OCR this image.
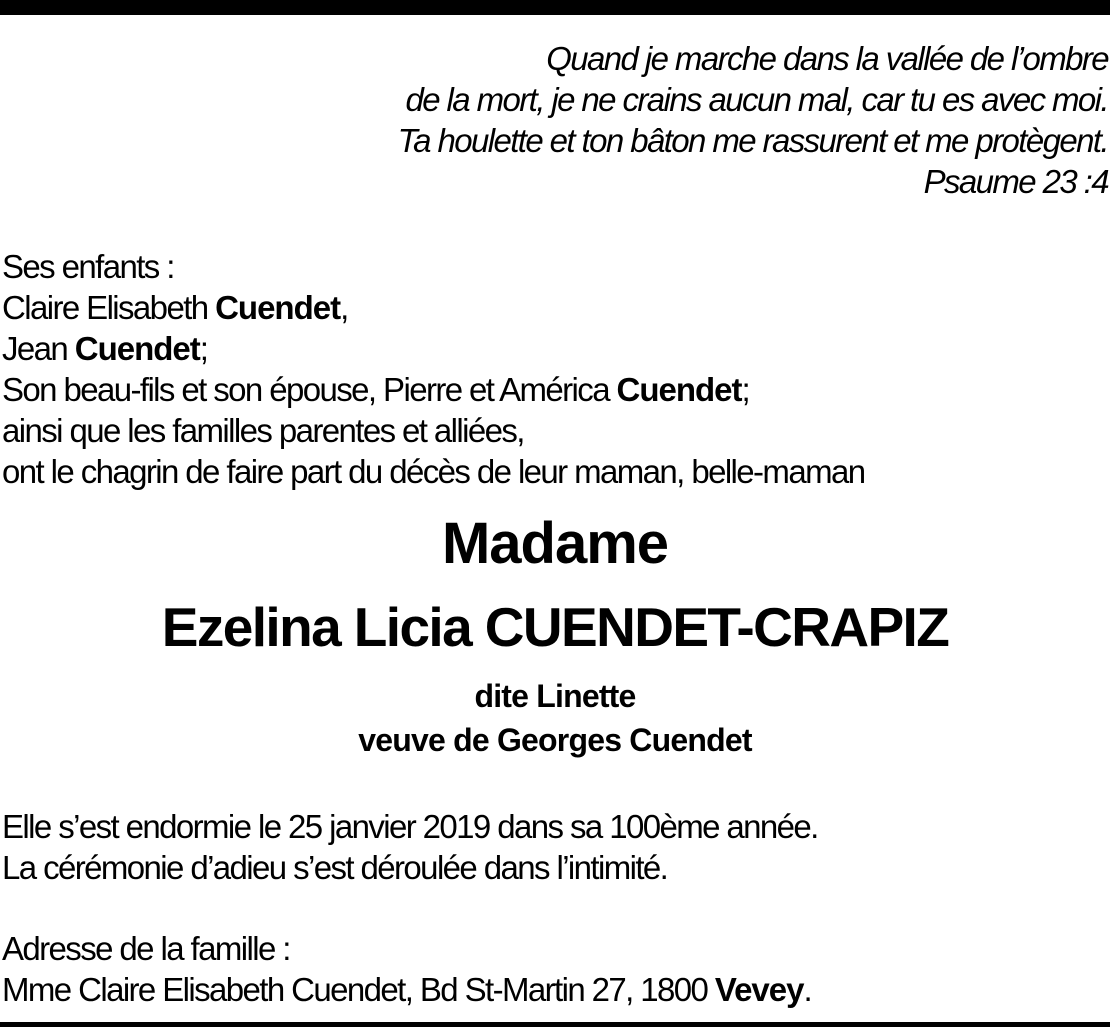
Quand je marche dans la vallée de l’ombre
de la mort, je ne crains aucun mal, car tu es avec moi.
Ta houlette et ton bâton me rassurent et me protègent.
Psaume 23 :4
Ses enfants :
Claire Elisabeth Cuendet,
Jean Cuendet;
Son beau-fils et son épouse, Pierre et América Cuendet;
ainsi que les familles parentes et alliées,
ont le chagrin de faire part du décès de leur maman, belle-maman
Madame
Ezelina Licia CUENDET-CRAPIZ
dite Linette
veuve de Georges Cuendet
Elle s’est endormie le 25 janvier 2019 dans sa 100ème année.
La cérémonie d’adieu s’est déroulée dans l’intimité.
Adresse de la famille :
Mme Claire Elisabeth Cuendet, Bd St-Martin 27, 1800 Vevey.
